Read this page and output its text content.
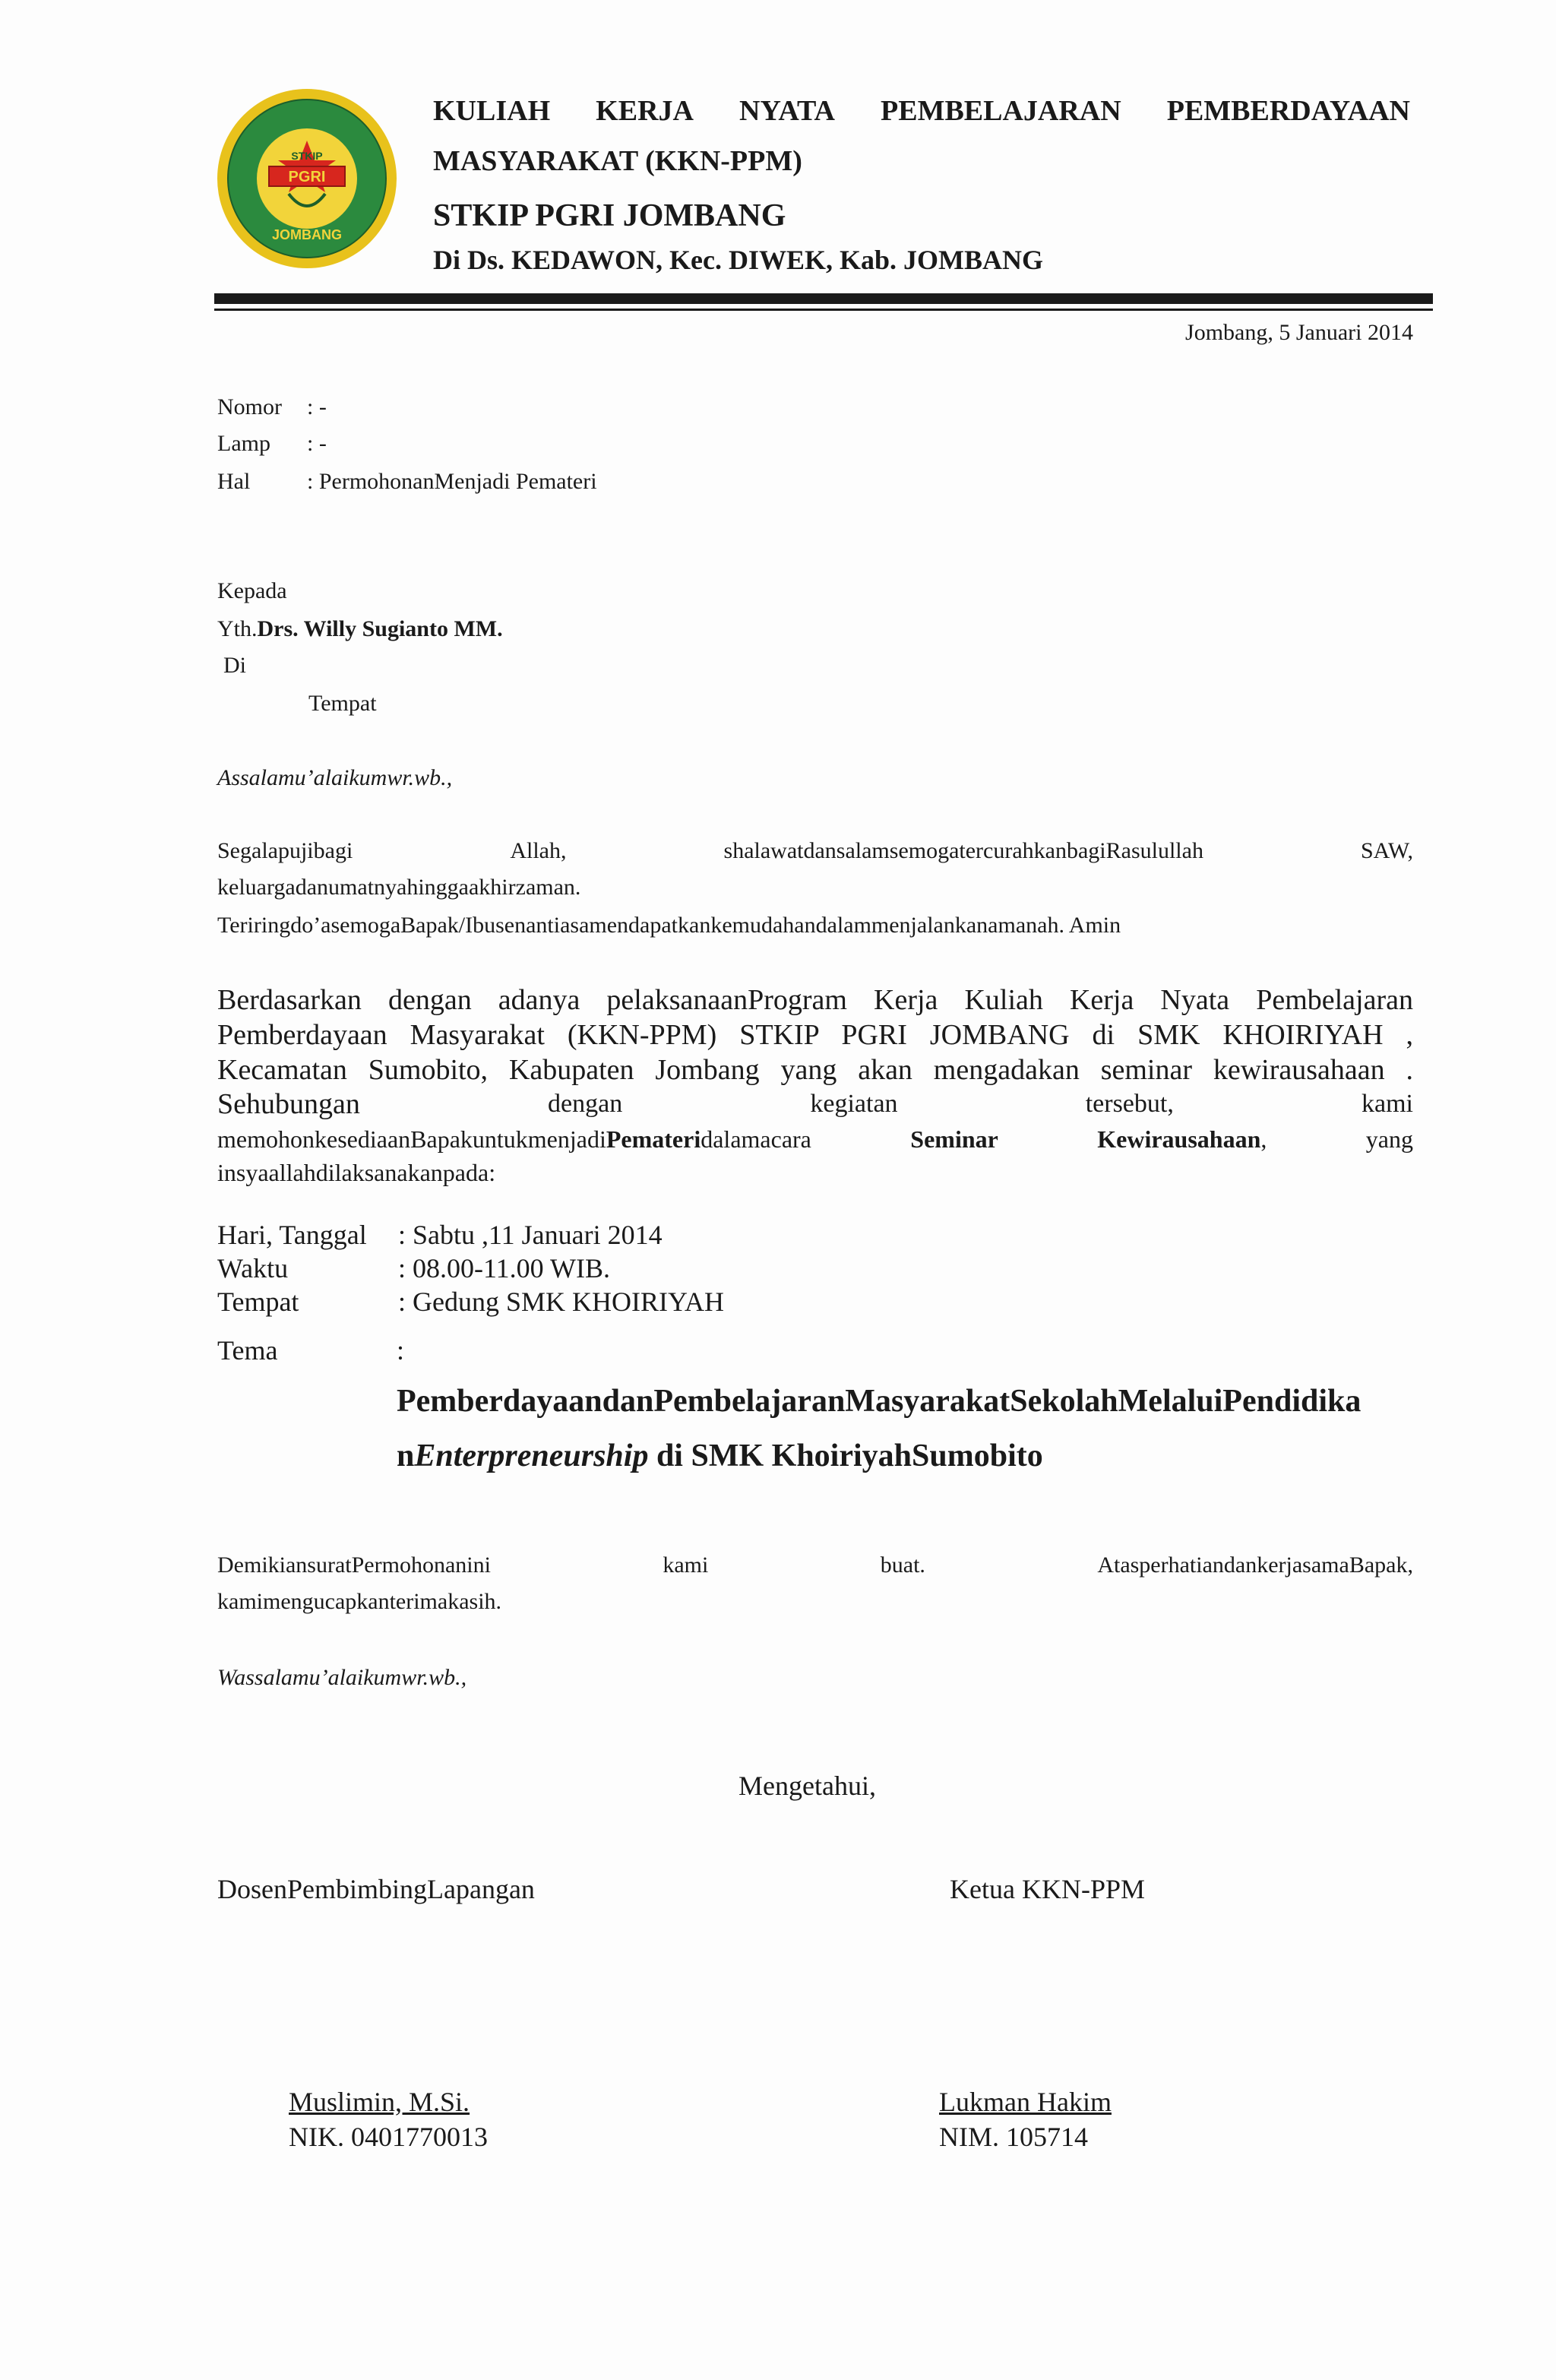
PGRI
STKIP
JOMBANG
KULIAH KERJA NYATA PEMBELAJARAN PEMBERDAYAAN
MASYARAKAT (KKN-PPM)
STKIP PGRI JOMBANG
Di Ds. KEDAWON, Kec. DIWEK, Kab. JOMBANG
Jombang, 5 Januari 2014
Nomor : -
Lamp : -
Hal : PermohonanMenjadi Pemateri
Kepada
Yth.Drs. Willy Sugianto MM.
Di
Tempat
Assalamu’alaikumwr.wb.,
Segalapujibagi	Allah,	shalawatdansalamsemogatercurahkanbagiRasulullah	SAW,
keluargadanumatnyahinggaakhirzaman.
Teriringdo’asemogaBapak/Ibusenantiasamendapatkankemudahandalammenjalankanamanah. Amin
Berdasarkan dengan adanya pelaksanaanProgram Kerja Kuliah Kerja Nyata Pembelajaran
Pemberdayaan Masyarakat (KKN-PPM) STKIP PGRI JOMBANG di SMK KHOIRIYAH ,
Kecamatan Sumobito, Kabupaten Jombang yang akan mengadakan seminar kewirausahaan .
Sehubungan	dengan	kegiatan	tersebut,	kami
memohonkesediaanBapakuntukmenjadiPemateridalamacara	Seminar	Kewirausahaan,	yang
insyaallahdilaksanakanpada:
Hari, Tanggal : Sabtu ,11 Januari 2014
Waktu	: 08.00-11.00 WIB.
Tempat	: Gedung SMK KHOIRIYAH
Tema	:
PemberdayaandanPembelajaranMasyarakatSekolahMelaluiPendidika
nEnterpreneurship di SMK KhoiriyahSumobito
DemikiansuratPermohonanini	kami	buat.	AtasperhatiandankerjasamaBapak,
kamimengucapkanterimakasih.
Wassalamu’alaikumwr.wb.,
Mengetahui,
DosenPembimbingLapangan	Ketua KKN-PPM
Muslimin, M.Si.
NIK. 0401770013
Lukman Hakim
NIM. 105714
